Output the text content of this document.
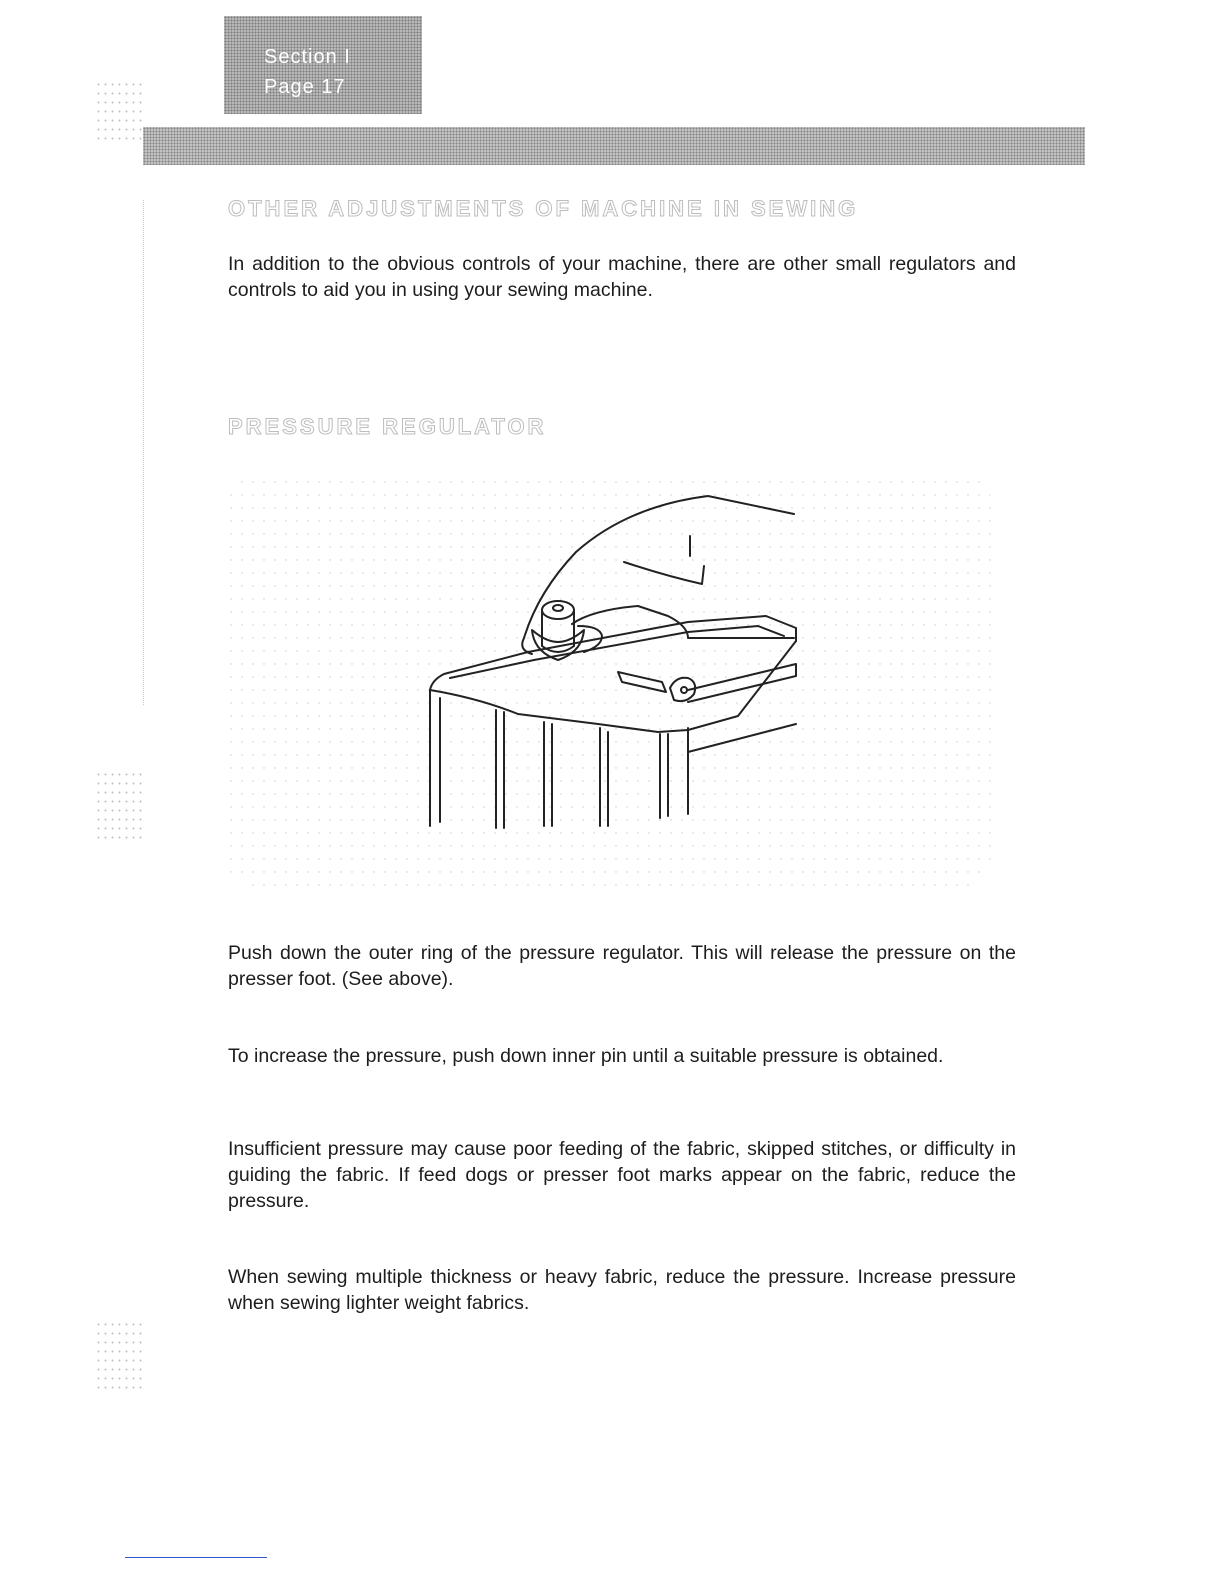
Section I
Page 17
OTHER ADJUSTMENTS OF MACHINE IN SEWING

In addition to the obvious controls of your machine, there are other small regulators and controls to aid you in using your sewing machine.

PRESSURE REGULATOR

Push down the outer ring of the pressure regulator. This will release the pressure on the presser foot. (See above).

To increase the pressure, push down inner pin until a suitable pressure is obtained.

Insufficient pressure may cause poor feeding of the fabric, skipped stitches, or difficulty in guiding the fabric. If feed dogs or presser foot marks appear on the fabric, reduce the pressure.

When sewing multiple thickness or heavy fabric, reduce the pressure. Increase pressure when sewing lighter weight fabrics.
